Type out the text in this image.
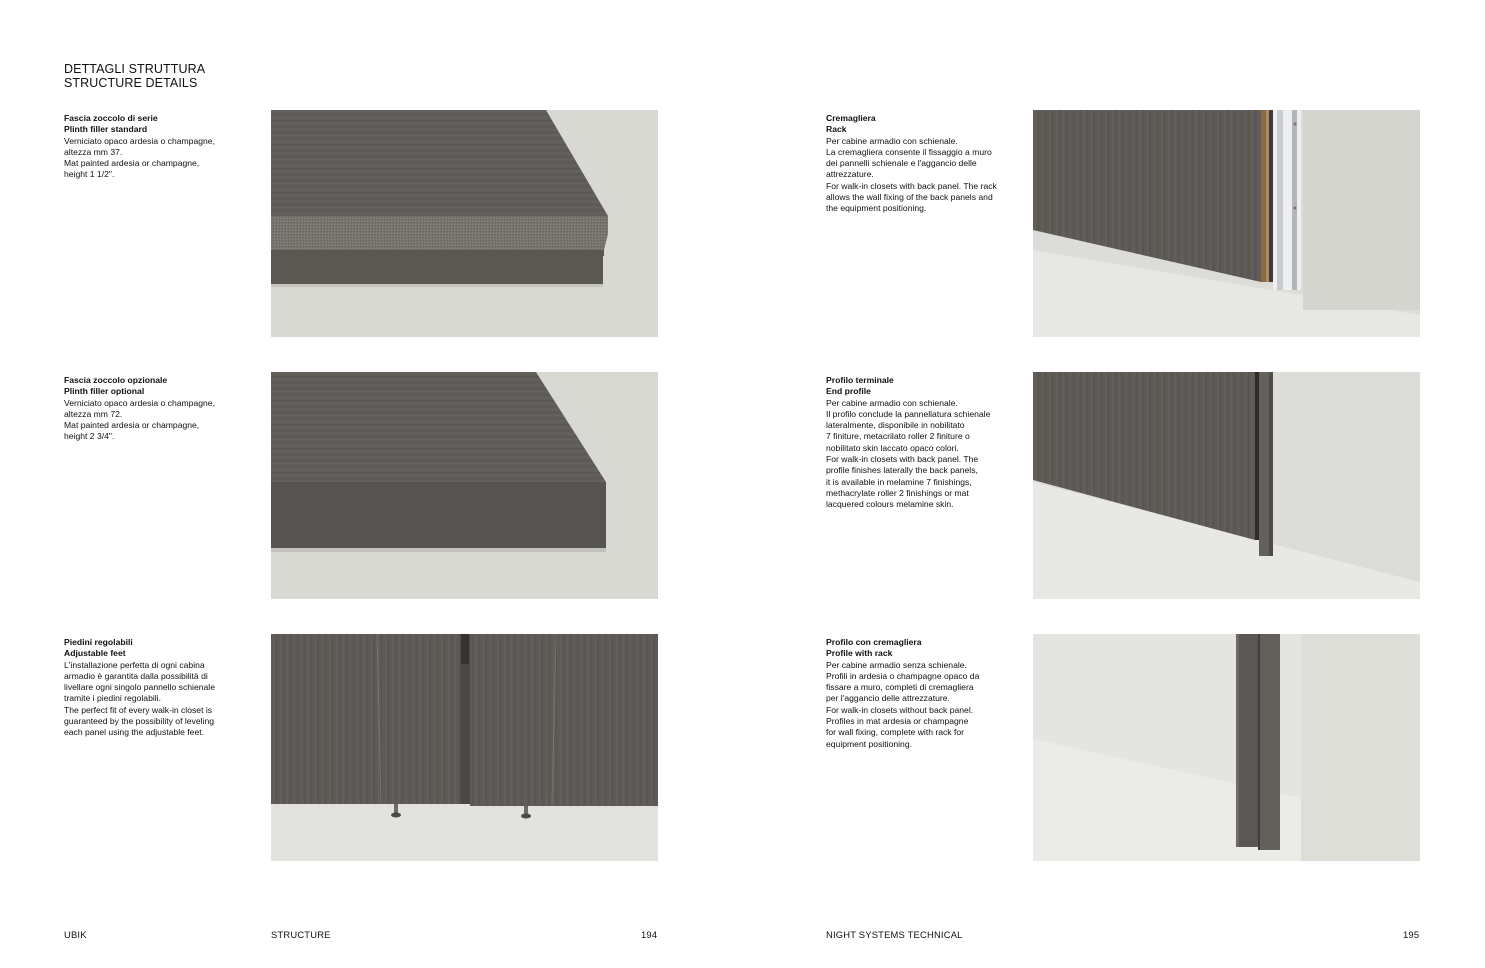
DETTAGLI STRUTTURA
STRUCTURE DETAILS
Fascia zoccolo di serie
Plinth filler standard

Verniciato opaco ardesia o champagne,

altezza mm 37.

Mat painted ardesia or champagne,

height 1 1/2".

Fascia zoccolo opzionale
Plinth filler optional

Verniciato opaco ardesia o champagne,

altezza mm 72.

Mat painted ardesia or champagne,

height 2 3/4".

Piedini regolabili
Adjustable feet

L'installazione perfetta di ogni cabina

armadio è garantita dalla possibilità di

livellare ogni singolo pannello schienale

tramite i piedini regolabili.

The perfect fit of every walk-in closet is

guaranteed by the possibility of leveling

each panel using the adjustable feet.

Cremagliera
Rack

Per cabine armadio con schienale.

La cremagliera consente il fissaggio a muro

dei pannelli schienale e l'aggancio delle

attrezzature.

For walk-in closets with back panel. The rack

allows the wall fixing of the back panels and

the equipment positioning.

Profilo terminale
End profile

Per cabine armadio con schienale.

Il profilo conclude la pannellatura schienale

lateralmente, disponibile in nobilitato

7 finiture, metacrilato roller 2 finiture o

nobilitato skin laccato opaco colori.

For walk-in closets with back panel. The

profile finishes laterally the back panels,

it is available in melamine 7 finishings,

methacrylate roller 2 finishings or mat

lacquered colours melamine skin.

Profilo con cremagliera
Profile with rack

Per cabine armadio senza schienale.

Profili in ardesia o champagne opaco da

fissare a muro, completi di cremagliera

per l'aggancio delle attrezzature.

For walk-in closets without back panel.

Profiles in mat ardesia or champagne

for wall fixing, complete with rack for

equipment positioning.

UBIK	STRUCTURE	194	NIGHT SYSTEMS TECHNICAL	195
